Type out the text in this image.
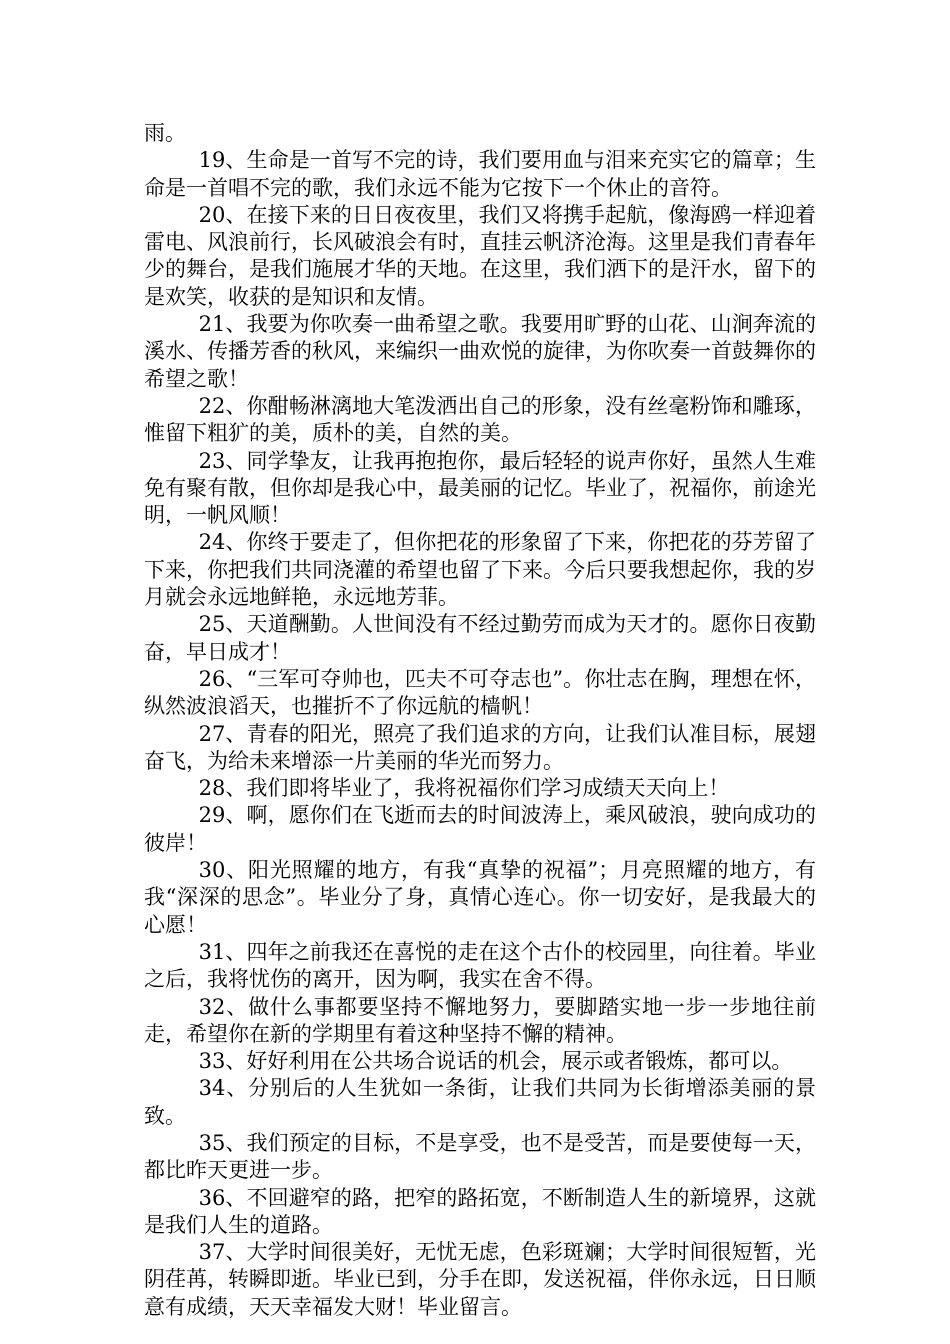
雨。

19、生命是一首写不完的诗，我们要用血与泪来充实它的篇章；生命是一首唱不完的歌，我们永远不能为它按下一个休止的音符。

20、在接下来的日日夜夜里，我们又将携手起航，像海鸥一样迎着雷电、风浪前行，长风破浪会有时，直挂云帆济沧海。这里是我们青春年少的舞台，是我们施展才华的天地。在这里，我们洒下的是汗水，留下的是欢笑，收获的是知识和友情。

21、我要为你吹奏一曲希望之歌。我要用旷野的山花、山涧奔流的溪水、传播芳香的秋风，来编织一曲欢悦的旋律，为你吹奏一首鼓舞你的希望之歌！

22、你酣畅淋漓地大笔泼洒出自己的形象，没有丝毫粉饰和雕琢，惟留下粗犷的美，质朴的美，自然的美。

23、同学挚友，让我再抱抱你，最后轻轻的说声你好，虽然人生难免有聚有散，但你却是我心中，最美丽的记忆。毕业了，祝福你，前途光明，一帆风顺！

24、你终于要走了，但你把花的形象留了下来，你把花的芬芳留了下来，你把我们共同浇灌的希望也留了下来。今后只要我想起你，我的岁月就会永远地鲜艳，永远地芳菲。

25、天道酬勤。人世间没有不经过勤劳而成为天才的。愿你日夜勤奋，早日成才！

26、“三军可夺帅也，匹夫不可夺志也”。你壮志在胸，理想在怀，纵然波浪滔天，也摧折不了你远航的樯帆！

27、青春的阳光，照亮了我们追求的方向，让我们认准目标，展翅奋飞，为给未来增添一片美丽的华光而努力。

28、我们即将毕业了，我将祝福你们学习成绩天天向上！

29、啊，愿你们在飞逝而去的时间波涛上，乘风破浪，驶向成功的彼岸！

30、阳光照耀的地方，有我“真挚的祝福”；月亮照耀的地方，有我“深深的思念”。毕业分了身，真情心连心。你一切安好，是我最大的心愿！

31、四年之前我还在喜悦的走在这个古仆的校园里，向往着。毕业之后，我将忧伤的离开，因为啊，我实在舍不得。

32、做什么事都要坚持不懈地努力，要脚踏实地一步一步地往前走，希望你在新的学期里有着这种坚持不懈的精神。

33、好好利用在公共场合说话的机会，展示或者锻炼，都可以。

34、分别后的人生犹如一条街，让我们共同为长街增添美丽的景致。

35、我们预定的目标，不是享受，也不是受苦，而是要使每一天，都比昨天更进一步。

36、不回避窄的路，把窄的路拓宽，不断制造人生的新境界，这就是我们人生的道路。

37、大学时间很美好，无忧无虑，色彩斑斓；大学时间很短暂，光阴荏苒，转瞬即逝。毕业已到，分手在即，发送祝福，伴你永远，日日顺意有成绩，天天幸福发大财！毕业留言。
